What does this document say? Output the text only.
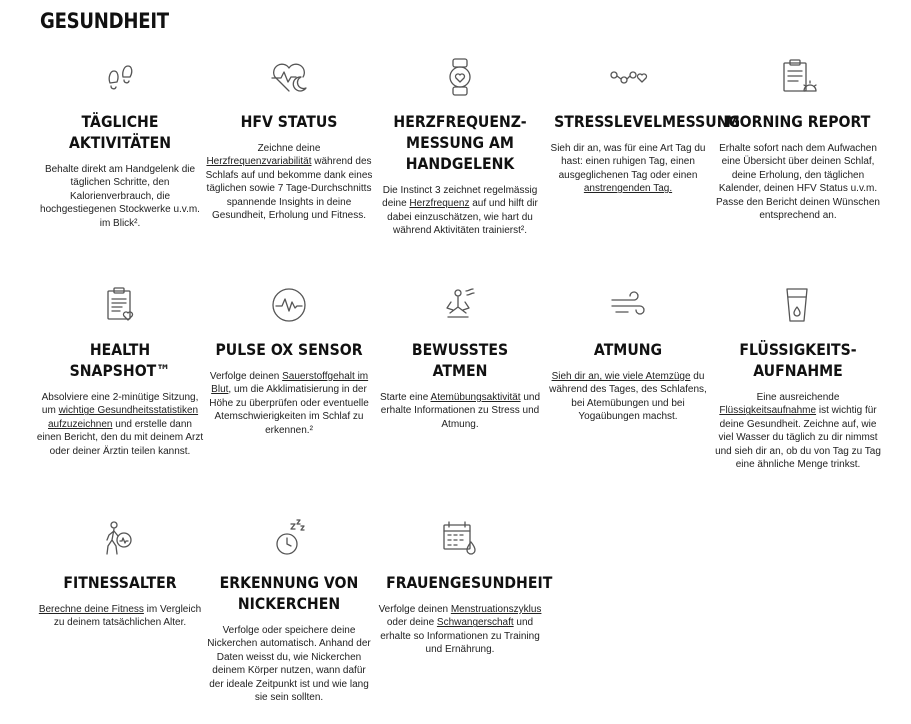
GESUNDHEIT
TÄGLICHE AKTIVITÄTEN

Behalte direkt am Handgelenk die täglichen Schritte, den Kalorienverbrauch, die hochgestiegenen Stockwerke u.v.m. im Blick².

HFV STATUS

Zeichne deine Herzfrequenzvariabilität während des Schlafs auf und bekomme dank eines täglichen sowie 7 Tage-Durchschnitts spannende Insights in deine Gesundheit, Erholung und Fitness.

HERZFREQUENZ-MESSUNG AM HANDGELENK

Die Instinct 3 zeichnet regelmässig deine Herzfrequenz auf und hilft dir dabei einzuschätzen, wie hart du während Aktivitäten trainierst².

STRESSLEVELMESSUNG

Sieh dir an, was für eine Art Tag du hast: einen ruhigen Tag, einen ausgeglichenen Tag oder einen anstrengenden Tag.

MORNING REPORT

Erhalte sofort nach dem Aufwachen eine Übersicht über deinen Schlaf, deine Erholung, den täglichen Kalender, deinen HFV Status u.v.m. Passe den Bericht deinen Wünschen entsprechend an.

HEALTH SNAPSHOT™

Absolviere eine 2-minütige Sitzung, um wichtige Gesundheitsstatistiken aufzuzeichnen und erstelle dann einen Bericht, den du mit deinem Arzt oder deiner Ärztin teilen kannst.

PULSE OX SENSOR

Verfolge deinen Sauerstoffgehalt im Blut, um die Akklimatisierung in der Höhe zu überprüfen oder eventuelle Atemschwierigkeiten im Schlaf zu erkennen.²

BEWUSSTES ATMEN

Starte eine Atemübungsaktivität und erhalte Informationen zu Stress und Atmung.

ATMUNG

Sieh dir an, wie viele Atemzüge du während des Tages, des Schlafens, bei Atemübungen und bei Yogaübungen machst.

FLÜSSIGKEITS-AUFNAHME

Eine ausreichende Flüssigkeitsaufnahme ist wichtig für deine Gesundheit. Zeichne auf, wie viel Wasser du täglich zu dir nimmst und sieh dir an, ob du von Tag zu Tag eine ähnliche Menge trinkst.

FITNESSALTER

Berechne deine Fitness im Vergleich zu deinem tatsächlichen Alter.

ERKENNUNG VON NICKERCHEN

Verfolge oder speichere deine Nickerchen automatisch. Anhand der Daten weisst du, wie Nickerchen deinem Körper nutzen, wann dafür der ideale Zeitpunkt ist und wie lang sie sein sollten.

FRAUENGESUNDHEIT

Verfolge deinen Menstruationszyklus oder deine Schwangerschaft und erhalte so Informationen zu Training und Ernährung.
